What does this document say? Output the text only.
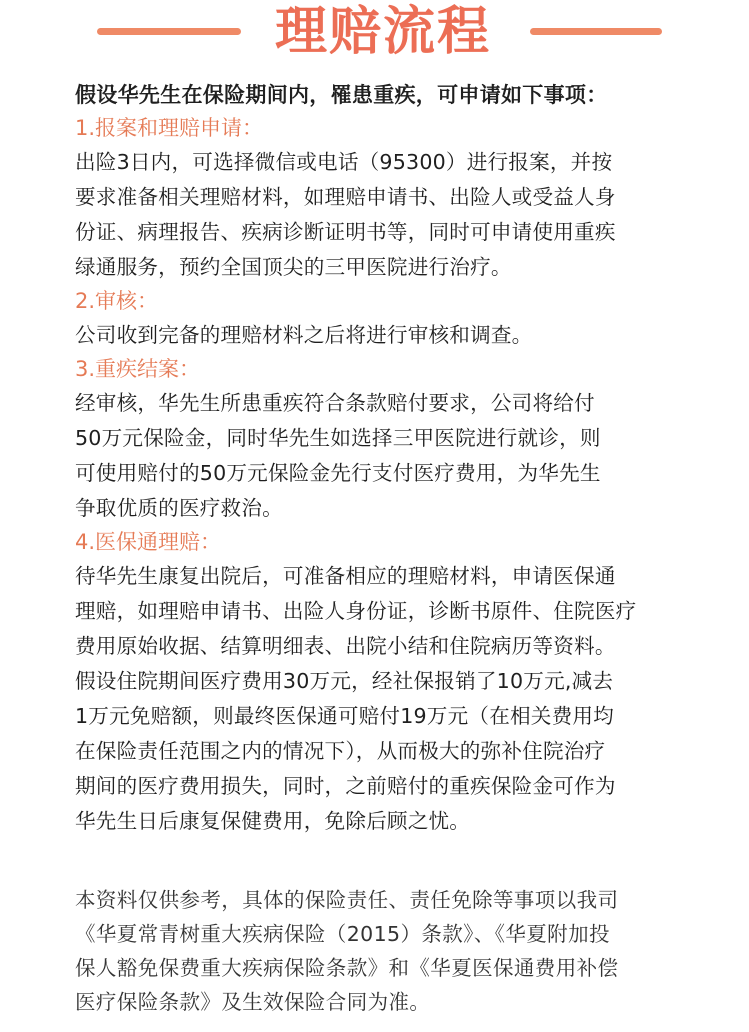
理赔流程

假设华先生在保险期间内，罹患重疾，可申请如下事项：

1.报案和理赔申请：

出险3日内，可选择微信或电话（95300）进行报案，并按
要求准备相关理赔材料，如理赔申请书、出险人或受益人身
份证、病理报告、疾病诊断证明书等，同时可申请使用重疾
绿通服务，预约全国顶尖的三甲医院进行治疗。

2.审核：

公司收到完备的理赔材料之后将进行审核和调查。

3.重疾结案：

经审核，华先生所患重疾符合条款赔付要求，公司将给付
50万元保险金，同时华先生如选择三甲医院进行就诊，则
可使用赔付的50万元保险金先行支付医疗费用，为华先生
争取优质的医疗救治。

4.医保通理赔：

待华先生康复出院后，可准备相应的理赔材料，申请医保通
理赔，如理赔申请书、出险人身份证，诊断书原件、住院医疗
费用原始收据、结算明细表、出院小结和住院病历等资料。
假设住院期间医疗费用30万元，经社保报销了10万元,减去
1万元免赔额，则最终医保通可赔付19万元（在相关费用均
在保险责任范围之内的情况下），从而极大的弥补住院治疗
期间的医疗费用损失，同时，之前赔付的重疾保险金可作为
华先生日后康复保健费用，免除后顾之忧。

本资料仅供参考，具体的保险责任、责任免除等事项以我司
《华夏常青树重大疾病保险（2015）条款》、《华夏附加投
保人豁免保费重大疾病保险条款》和《华夏医保通费用补偿
医疗保险条款》及生效保险合同为准。
